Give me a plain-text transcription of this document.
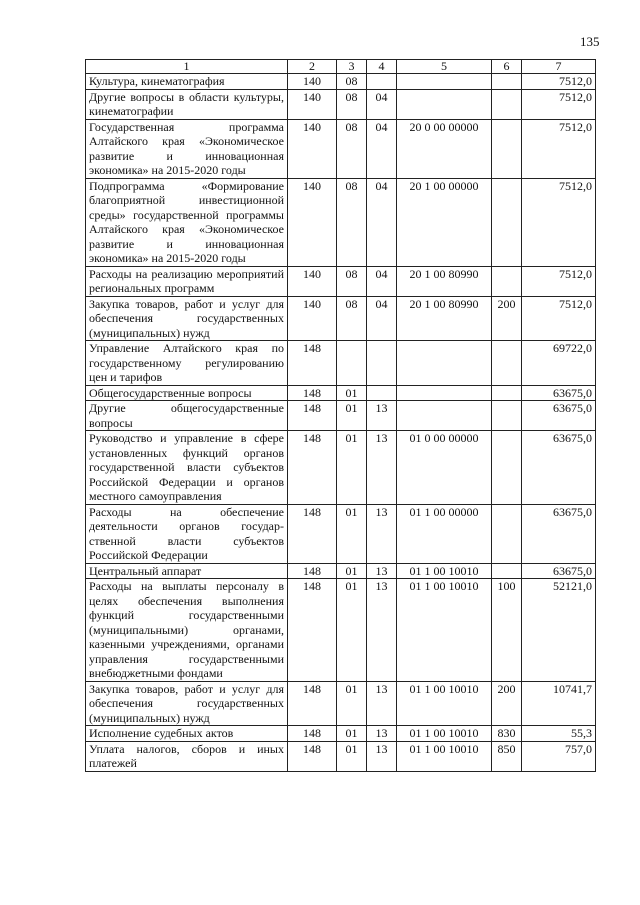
135
1	2	3	4	5	6	7
Культура, кинематография	140	08				7512,0
Другие вопросы в области культуры, кинематографии	140	08	04			7512,0
Государственная программа Алтайского края «Экономическое развитие и инновационная экономика» на 2015-2020 годы	140	08	04	20 0 00 00000		7512,0
Подпрограмма «Формирование благоприятной инвестиционной среды» государственной программы Алтайского края «Экономическое развитие и инновационная экономика» на 2015-2020 годы	140	08	04	20 1 00 00000		7512,0
Расходы на реализацию мероприятий региональных программ	140	08	04	20 1 00 80990		7512,0
Закупка товаров, работ и услуг для обеспечения государственных (муниципальных) нужд	140	08	04	20 1 00 80990	200	7512,0
Управление Алтайского края по государственному регулированию цен и тарифов	148					69722,0
Общегосударственные вопросы	148	01				63675,0
Другие общегосударственные вопросы	148	01	13			63675,0
Руководство и управление в сфере установленных функций органов государственной власти субъектов Российской Федерации и органов местного самоуправления	148	01	13	01 0 00 00000		63675,0
Расходы на обеспечение деятельности органов государственной власти субъектов Российской Федерации	148	01	13	01 1 00 00000		63675,0
Центральный аппарат	148	01	13	01 1 00 10010		63675,0
Расходы на выплаты персоналу в целях обеспечения выполнения функций государственными (муниципальными) органами, казенными учреждениями, органами управления государственными внебюджетными фондами	148	01	13	01 1 00 10010	100	52121,0
Закупка товаров, работ и услуг для обеспечения государственных (муниципальных) нужд	148	01	13	01 1 00 10010	200	10741,7
Исполнение судебных актов	148	01	13	01 1 00 10010	830	55,3
Уплата налогов, сборов и иных платежей	148	01	13	01 1 00 10010	850	757,0
